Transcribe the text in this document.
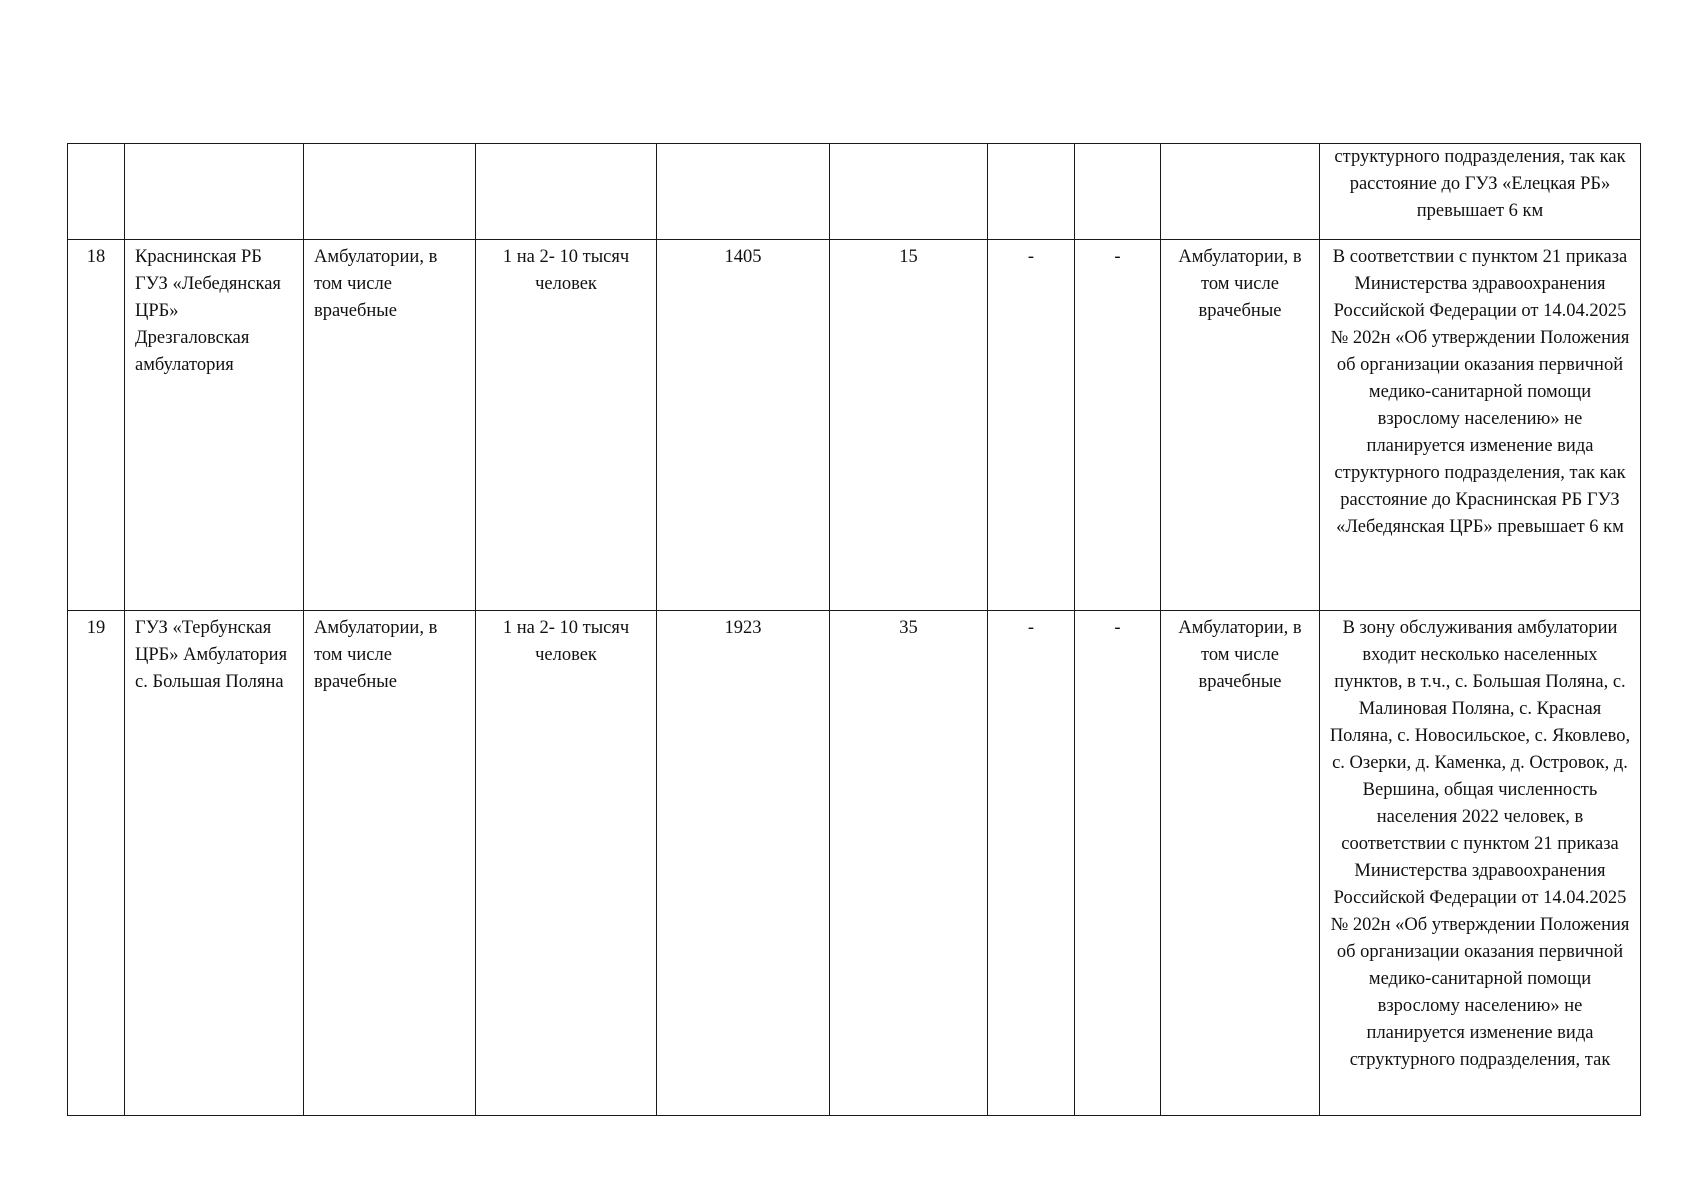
									структурного подразделения, так как расстояние до ГУЗ «Елецкая РБ» превышает 6 км
18	Краснинская РБ ГУЗ «Лебедянская ЦРБ» Дрезгаловская амбулатория	Амбулатории, в том числе врачебные	1 на 2- 10 тысяч человек	1405	15	-	-	Амбулатории, в том числе врачебные	В соответствии с пунктом 21 приказа Министерства здравоохранения Российской Федерации от 14.04.2025 № 202н «Об утверждении Положения об организации оказания первичной медико-санитарной помощи взрослому населению» не планируется изменение вида структурного подразделения, так как расстояние до Краснинская РБ ГУЗ «Лебедянская ЦРБ» превышает 6 км
19	ГУЗ «Тербунская ЦРБ» Амбулатория с. Большая Поляна	Амбулатории, в том числе врачебные	1 на 2- 10 тысяч человек	1923	35	-	-	Амбулатории, в том числе врачебные	В зону обслуживания амбулатории входит несколько населенных пунктов, в т.ч., с. Большая Поляна, с. Малиновая Поляна, с. Красная Поляна, с. Новосильское, с. Яковлево, с. Озерки, д. Каменка, д. Островок, д. Вершина, общая численность населения 2022 человек, в соответствии с пунктом 21 приказа Министерства здравоохранения Российской Федерации от 14.04.2025 № 202н «Об утверждении Положения об организации оказания первичной медико-санитарной помощи взрослому населению» не планируется изменение вида структурного подразделения, так
